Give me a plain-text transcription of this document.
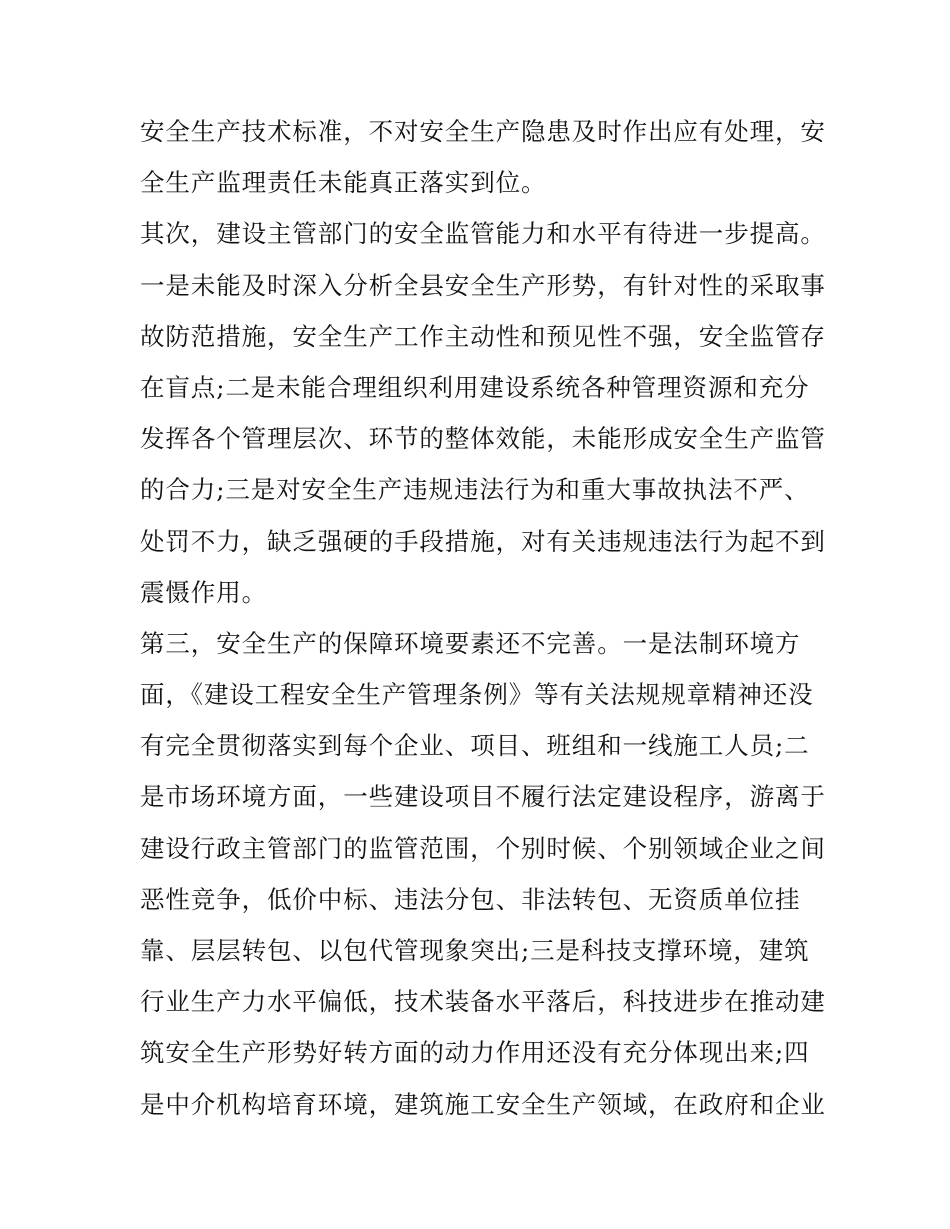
安全生产技术标准，不对安全生产隐患及时作出应有处理，安

全生产监理责任未能真正落实到位。

其次，建设主管部门的安全监管能力和水平有待进一步提高。

一是未能及时深入分析全县安全生产形势，有针对性的采取事

故防范措施，安全生产工作主动性和预见性不强，安全监管存

在盲点;二是未能合理组织利用建设系统各种管理资源和充分

发挥各个管理层次、环节的整体效能，未能形成安全生产监管

的合力;三是对安全生产违规违法行为和重大事故执法不严、

处罚不力，缺乏强硬的手段措施，对有关违规违法行为起不到

震慑作用。

第三，安全生产的保障环境要素还不完善。一是法制环境方

面，《建设工程安全生产管理条例》等有关法规规章精神还没

有完全贯彻落实到每个企业、项目、班组和一线施工人员;二

是市场环境方面，一些建设项目不履行法定建设程序，游离于

建设行政主管部门的监管范围，个别时候、个别领域企业之间

恶性竞争，低价中标、违法分包、非法转包、无资质单位挂

靠、层层转包、以包代管现象突出;三是科技支撑环境，建筑

行业生产力水平偏低，技术装备水平落后，科技进步在推动建

筑安全生产形势好转方面的动力作用还没有充分体现出来;四

是中介机构培育环境，建筑施工安全生产领域，在政府和企业
